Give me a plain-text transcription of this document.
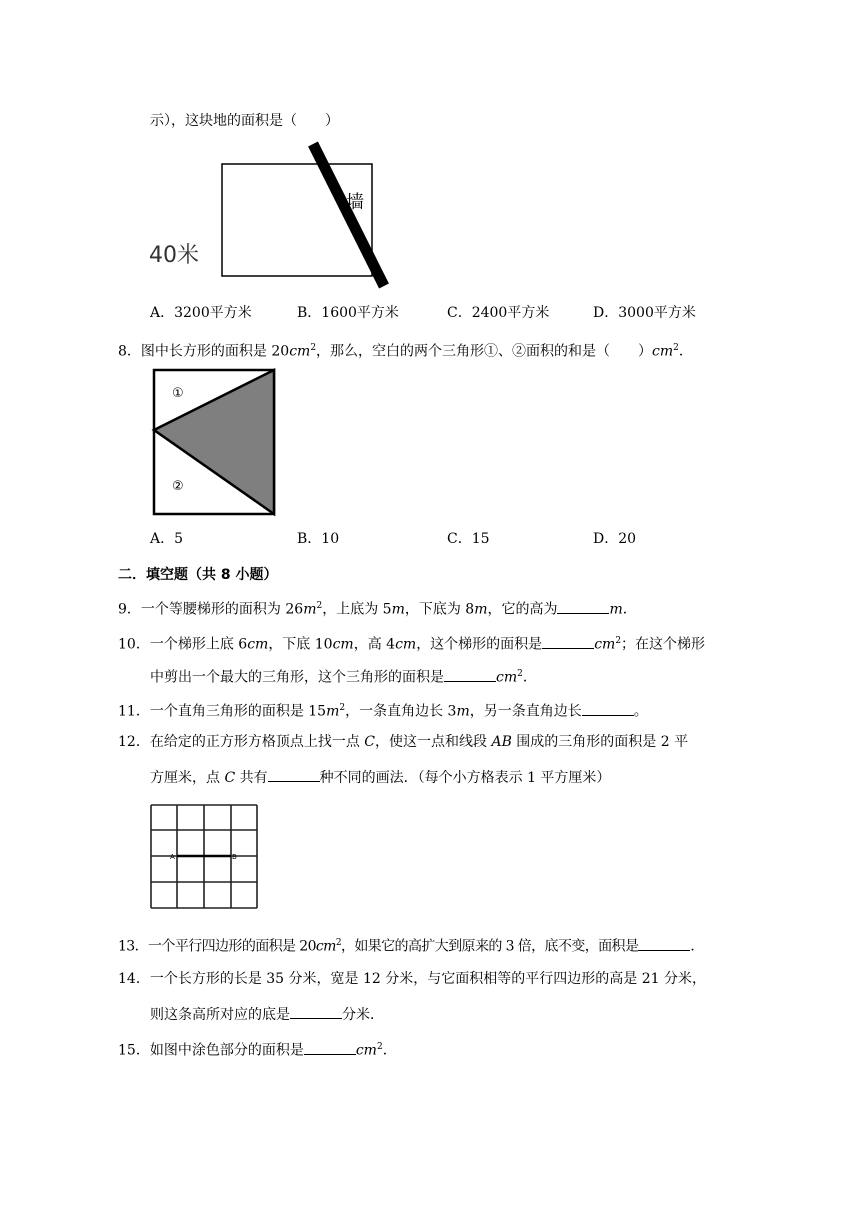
示），这块地的面积是（　　）
墙
40米
A．3200平方米	B．1600平方米	C．2400平方米	D．3000平方米
8．图中长方形的面积是 $20cm^2$，那么，空白的两个三角形①、②面积的和是（　　）$cm^2$．
①
②
A．5	B．10	C．15	D．20
二．填空题（共 8 小题）
9．一个等腰梯形的面积为 $26m^2$，上底为 5m，下底为 8m，它的高为	m．
10．一个梯形上底 6cm，下底 10cm，高 4cm，这个梯形的面积是	$cm^2$；在这个梯形
中剪出一个最大的三角形，这个三角形的面积是	$cm^2$．
11．一个直角三角形的面积是 $15m^2$，一条直角边长 3m，另一条直角边长	。
12．在给定的正方形方格顶点上找一点 C，使这一点和线段 AB 围成的三角形的面积是 2 平
方厘米，点 C 共有	种不同的画法．（每个小方格表示 1 平方厘米）
A	B
13．一个平行四边形的面积是 $20cm^2$，如果它的高扩大到原来的 3 倍，底不变，面积是	．
14．一个长方形的长是 35 分米，宽是 12 分米，与它面积相等的平行四边形的高是 21 分米，
则这条高所对应的底是	分米．
15．如图中涂色部分的面积是	$cm^2$．
